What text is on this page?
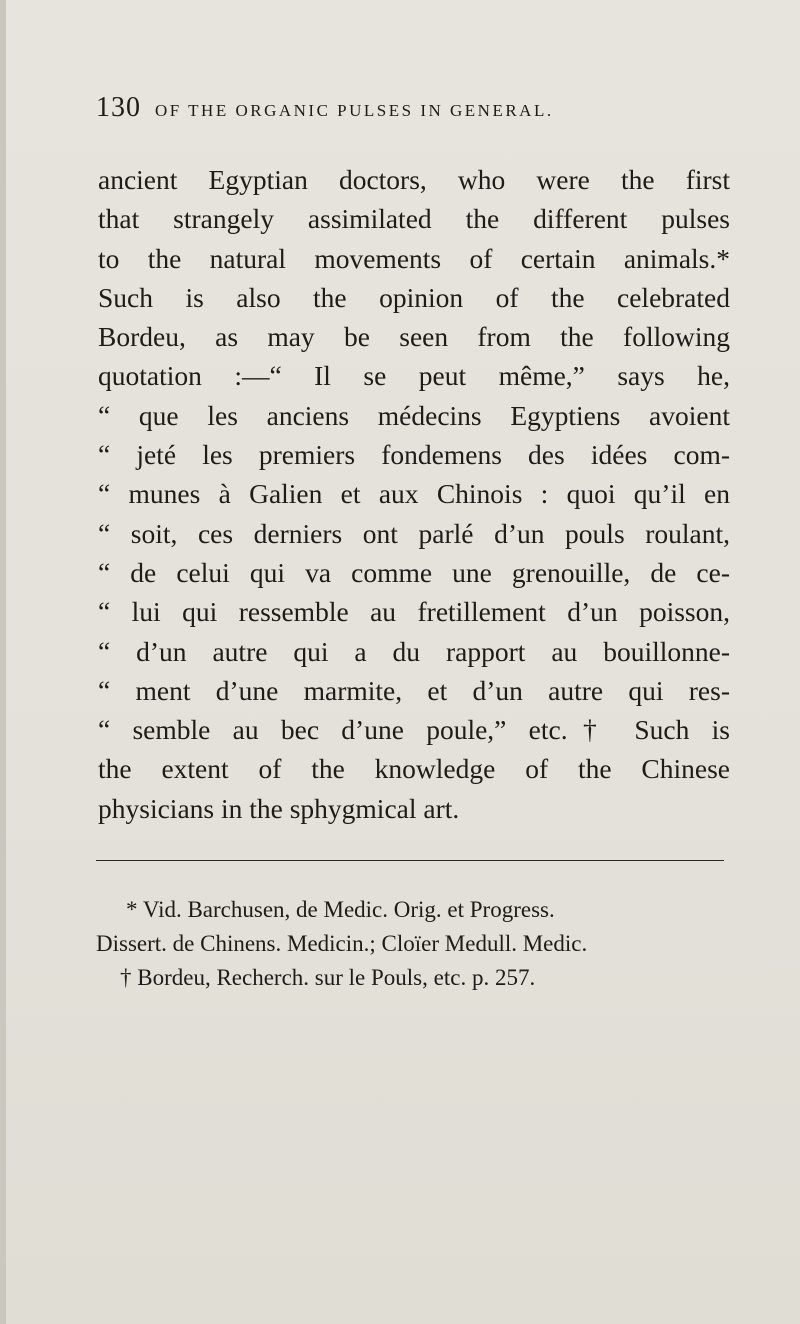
130 OF THE ORGANIC PULSES IN GENERAL.
ancient Egyptian doctors, who were the first
that strangely assimilated the different pulses
to the natural movements of certain animals.*
Such is also the opinion of the celebrated
Bordeu, as may be seen from the following
quotation :—“ Il se peut même,” says he,
“ que les anciens médecins Egyptiens avoient
“ jeté les premiers fondemens des idées com-
“ munes à Galien et aux Chinois : quoi qu’il en
“ soit, ces derniers ont parlé d’un pouls roulant,
“ de celui qui va comme une grenouille, de ce-
“ lui qui ressemble au fretillement d’un poisson,
“ d’un autre qui a du rapport au bouillonne-
“ ment d’une marmite, et d’un autre qui res-
“ semble au bec d’une poule,” etc.† Such is
the extent of the knowledge of the Chinese
physicians in the sphygmical art.
* Vid. Barchusen, de Medic. Orig. et Progress.
Dissert. de Chinens. Medicin.; Cloïer Medull. Medic.
† Bordeu, Recherch. sur le Pouls, etc. p. 257.
